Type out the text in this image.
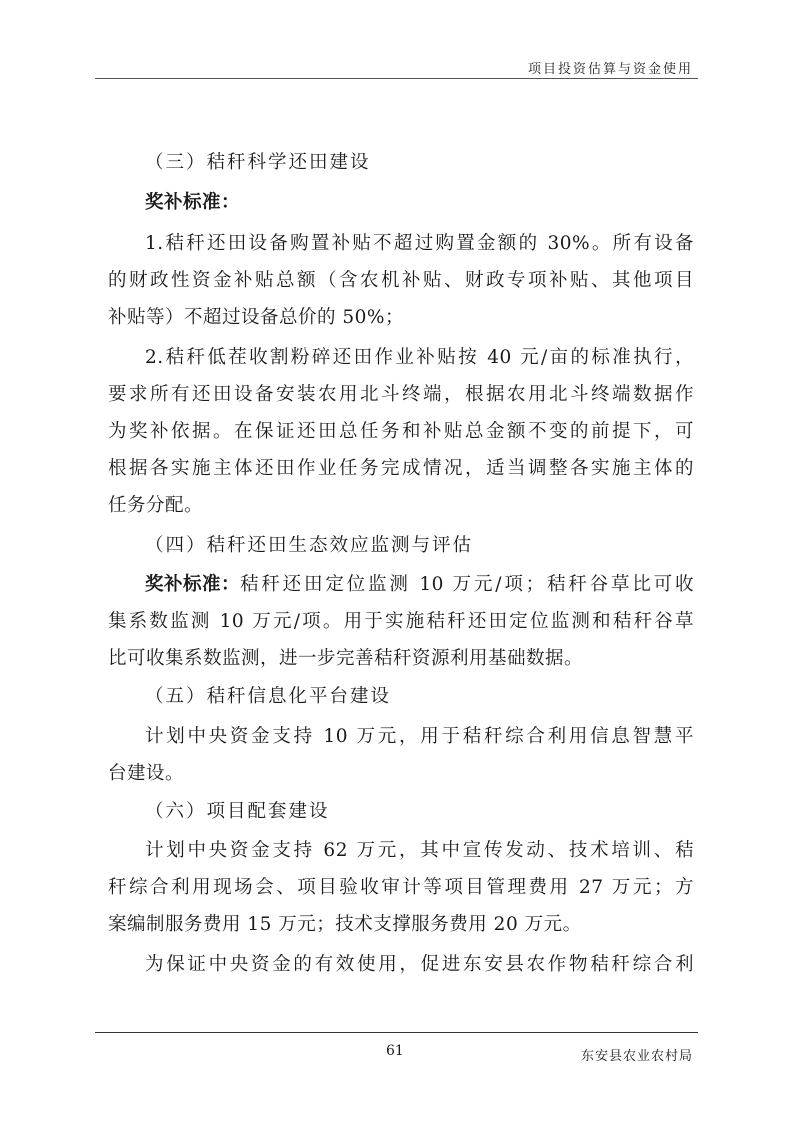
项目投资估算与资金使用
（三）秸秆科学还田建设
奖补标准：
1.秸秆还田设备购置补贴不超过购置金额的 30%。所有设备
的财政性资金补贴总额（含农机补贴、财政专项补贴、其他项目
补贴等）不超过设备总价的 50%；
2.秸秆低茬收割粉碎还田作业补贴按 40 元/亩的标准执行，
要求所有还田设备安装农用北斗终端，根据农用北斗终端数据作
为奖补依据。在保证还田总任务和补贴总金额不变的前提下，可
根据各实施主体还田作业任务完成情况，适当调整各实施主体的
任务分配。
（四）秸秆还田生态效应监测与评估
奖补标准： 秸秆还田定位监测 10 万元/项；秸秆谷草比可收
集系数监测 10 万元/项。用于实施秸秆还田定位监测和秸秆谷草
比可收集系数监测，进一步完善秸秆资源利用基础数据。
（五）秸秆信息化平台建设
计划中央资金支持 10 万元，用于秸秆综合利用信息智慧平
台建设。
（六）项目配套建设
计划中央资金支持 62 万元，其中宣传发动、技术培训、秸
秆综合利用现场会、项目验收审计等项目管理费用 27 万元；方
案编制服务费用 15 万元；技术支撑服务费用 20 万元。
为保证中央资金的有效使用，促进东安县农作物秸秆综合利
61	东安县农业农村局
